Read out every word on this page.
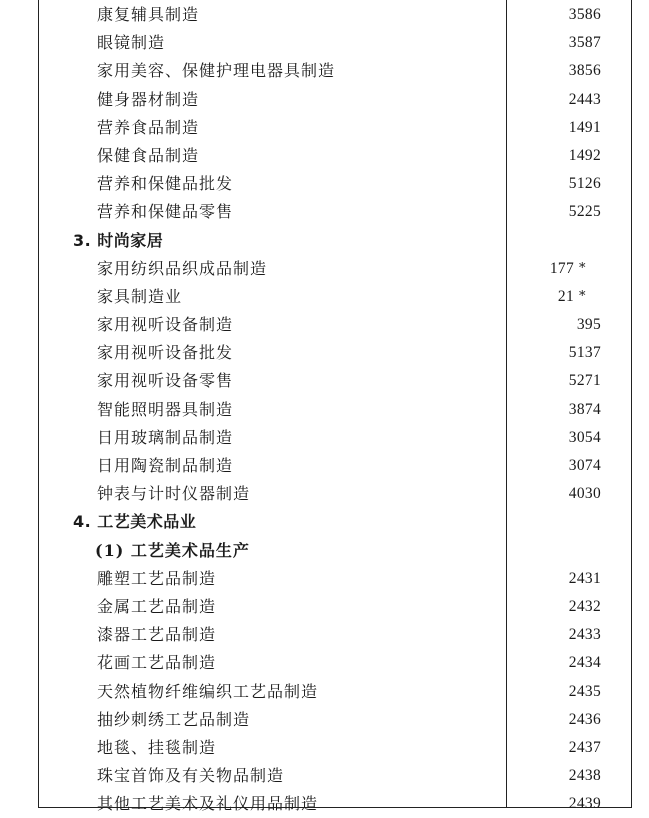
康复辅具制造	3586
眼镜制造	3587
家用美容、保健护理电器具制造	3856
健身器材制造	2443
营养食品制造	1491
保健食品制造	1492
营养和保健品批发	5126
营养和保健品零售	5225
3. 时尚家居
家用纺织品织成品制造	177 *
家具制造业	21 *
家用视听设备制造	395
家用视听设备批发	5137
家用视听设备零售	5271
智能照明器具制造	3874
日用玻璃制品制造	3054
日用陶瓷制品制造	3074
钟表与计时仪器制造	4030
4. 工艺美术品业
(1) 工艺美术品生产
雕塑工艺品制造	2431
金属工艺品制造	2432
漆器工艺品制造	2433
花画工艺品制造	2434
天然植物纤维编织工艺品制造	2435
抽纱刺绣工艺品制造	2436
地毯、挂毯制造	2437
珠宝首饰及有关物品制造	2438
其他工艺美术及礼仪用品制造	2439
